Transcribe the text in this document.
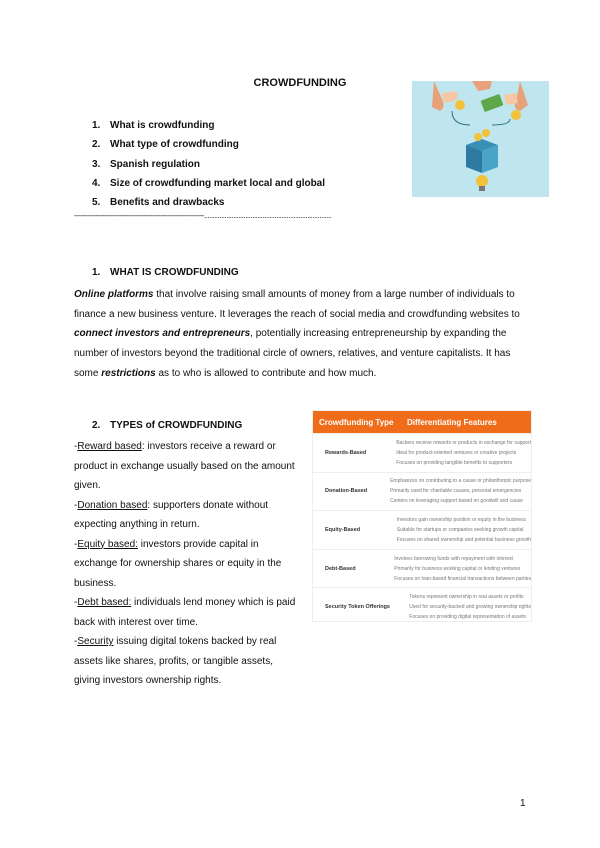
CROWDFUNDING
1. What is crowdfunding
2. What type of crowdfunding
3. Spanish regulation
4. Size of crowdfunding market local and global
5. Benefits and drawbacks
------------------------------------------------------------..........................................................................
1. WHAT IS CROWDFUNDING
Online platforms that involve raising small amounts of money from a large number of individuals to finance a new business venture. It leverages the reach of social media and crowdfunding websites to connect investors and entrepreneurs, potentially increasing entrepreneurship by expanding the number of investors beyond the traditional circle of owners, relatives, and venture capitalists. It has some restrictions as to who is allowed to contribute and how much.
2. TYPES of CROWDFUNDING
-Reward based: investors receive a reward or product in exchange usually based on the amount given.
-Donation based: supporters donate without expecting anything in return.
-Equity based: investors provide capital in exchange for ownership shares or equity in the business.
-Debt based: individuals lend money which is paid back with interest over time.
-Security issuing digital tokens backed by real assets like shares, profits, or tangible assets, giving investors ownership rights.
Crowdfunding Type	Differentiating Features
Rewards-Based
Backers receive rewards or products in exchange for support
Ideal for product-oriented ventures or creative projects
Focuses on providing tangible benefits to supporters
Donation-Based
Emphasizes on contributing to a cause or philanthropic purpose
Primarily used for charitable causes, personal emergencies
Centers on leveraging support based on goodwill and cause
Equity-Based
Investors gain ownership position or equity in the business
Suitable for startups or companies seeking growth capital
Focuses on shared ownership and potential business growth
Debt-Based
Involves borrowing funds with repayment with interest
Primarily for business working capital or lending ventures
Focuses on loan-based financial transactions between parties
Security Token Offerings
Tokens represent ownership in real assets or profits
Used for security-backed and growing ownership rights
Focuses on providing digital representation of assets
1
